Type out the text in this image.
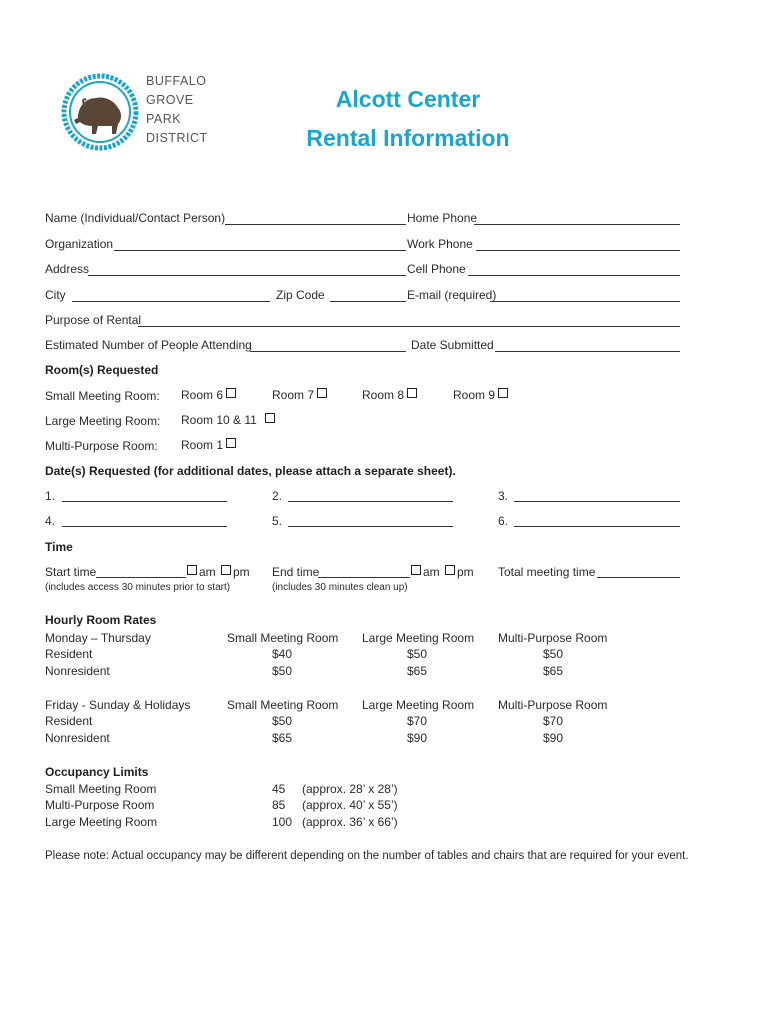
BUFFALO
GROVE
PARK
DISTRICT
Alcott Center
Rental Information
Name (Individual/Contact Person)	Home Phone
Organization	Work Phone
Address	Cell Phone
City	Zip Code	E-mail (required)
Purpose of Rental
Estimated Number of People Attending	Date Submitted
Room(s) Requested
Small Meeting Room: Room 6	Room 7	Room 8	Room 9
Large Meeting Room: Room 10 & 11
Multi-Purpose Room: Room 1
Date(s) Requested (for additional dates, please attach a separate sheet).
1.	2.	3.
4.	5.	6.
Time
Start time	am pm End time	am pm Total meeting time
(includes access 30 minutes prior to start)	(includes 30 minutes clean up)
Hourly Room Rates
Monday – Thursday	Small Meeting Room Large Meeting Room Multi-Purpose Room
Resident	$40	$50	$50
Nonresident	$50	$65	$65
Friday - Sunday & Holidays	Small Meeting Room Large Meeting Room Multi-Purpose Room
Resident	$50	$70	$70
Nonresident	$65	$90	$90
Occupancy Limits
Small Meeting Room	45 (approx. 28’ x 28’)
Multi-Purpose Room	85 (approx. 40’ x 55’)
Large Meeting Room	100 (approx. 36’ x 66’)
Please note: Actual occupancy may be different depending on the number of tables and chairs that are required for your event.
